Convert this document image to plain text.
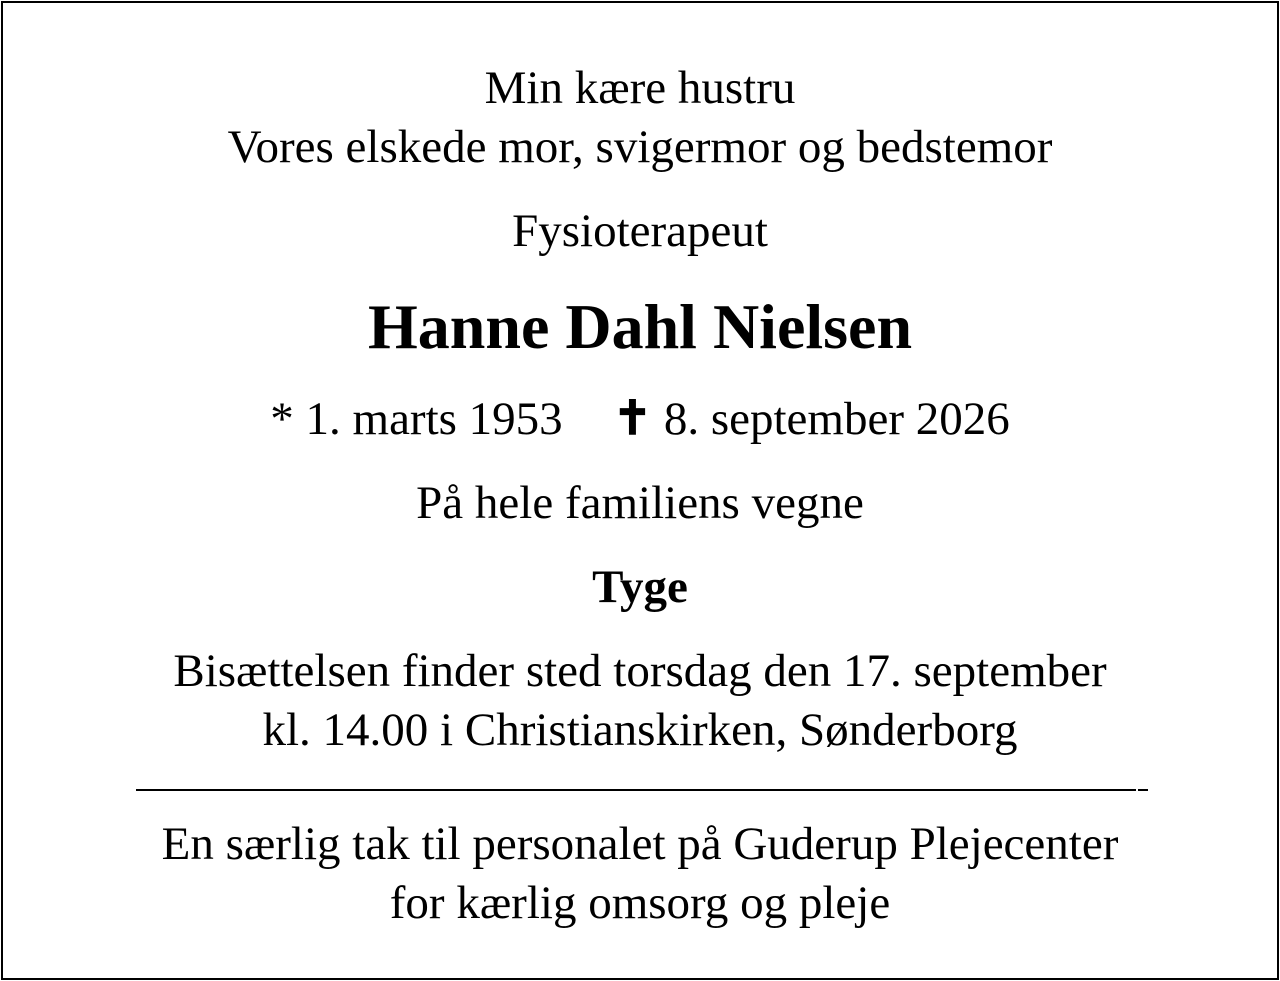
Min kære hustru
Vores elskede mor, svigermor og bedstemor
Fysioterapeut
Hanne Dahl Nielsen
* 1. marts 1953 ✝ 8. september 2026
På hele familiens vegne
Tyge
Bisættelsen finder sted torsdag den 17. september
kl. 14.00 i Christianskirken, Sønderborg
En særlig tak til personalet på Guderup Plejecenter
for kærlig omsorg og pleje
